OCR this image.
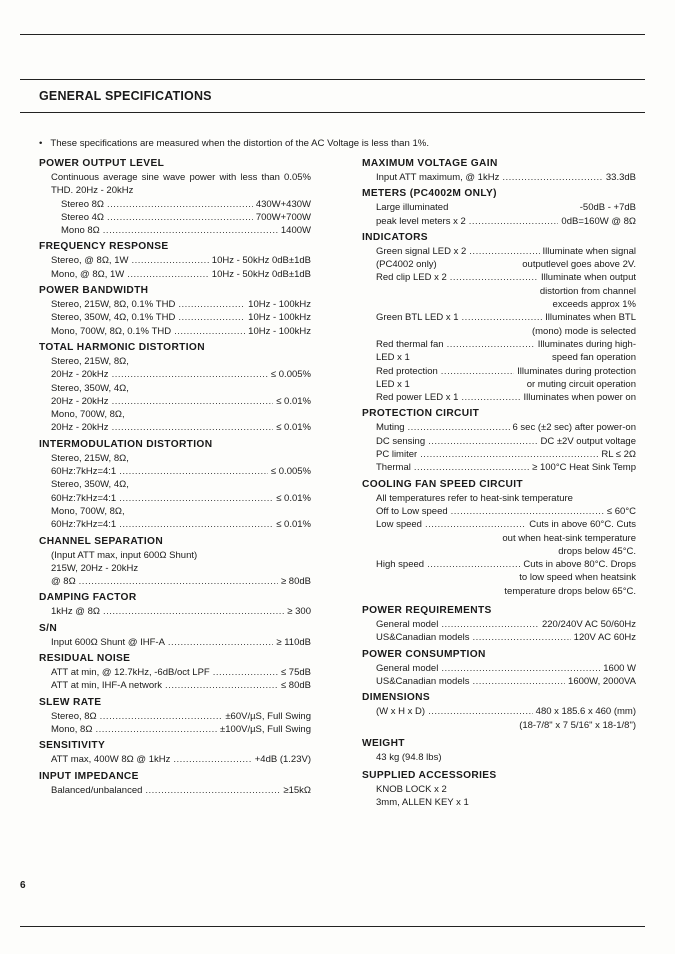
GENERAL SPECIFICATIONS
• These specifications are measured when the distortion of the AC Voltage is less than 1%.
POWER OUTPUT LEVEL
Continuous average sine wave power with less than 0.05% THD. 20Hz - 20kHz
Stereo 8Ω .....	430W+430W
Stereo 4Ω .....	700W+700W
Mono 8Ω .....	1400W
FREQUENCY RESPONSE
Stereo, @ 8Ω, 1W .....	10Hz - 50kHz 0dB±1dB
Mono, @ 8Ω, 1W .....	10Hz - 50kHz 0dB±1dB
POWER BANDWIDTH
Stereo, 215W, 8Ω, 0.1% THD .....	10Hz - 100kHz
Stereo, 350W, 4Ω, 0.1% THD .....	10Hz - 100kHz
Mono, 700W, 8Ω, 0.1% THD .....	10Hz - 100kHz
TOTAL HARMONIC DISTORTION
Stereo, 215W, 8Ω,
20Hz - 20kHz .....	≤ 0.005%
Stereo, 350W, 4Ω,
20Hz - 20kHz .....	≤ 0.01%
Mono, 700W, 8Ω,
20Hz - 20kHz .....	≤ 0.01%
INTERMODULATION DISTORTION
Stereo, 215W, 8Ω,
60Hz:7kHz=4:1 .....	≤ 0.005%
Stereo, 350W, 4Ω,
60Hz:7kHz=4:1 .....	≤ 0.01%
Mono, 700W, 8Ω,
60Hz:7kHz=4:1 .....	≤ 0.01%
CHANNEL SEPARATION
(Input ATT max, input 600Ω Shunt)
215W, 20Hz - 20kHz
@ 8Ω .....	≥ 80dB
DAMPING FACTOR
1kHz @ 8Ω .....	≥ 300
S/N
Input 600Ω Shunt @ IHF-A .....	≥ 110dB
RESIDUAL NOISE
ATT at min, @ 12.7kHz, -6dB/oct LPF .....	≤ 75dB
ATT at min, IHF-A network .....	≤ 80dB
SLEW RATE
Stereo, 8Ω .....	±60V/µS, Full Swing
Mono, 8Ω .....	±100V/µS, Full Swing
SENSITIVITY
ATT max, 400W 8Ω @ 1kHz .....	+4dB (1.23V)
INPUT IMPEDANCE
Balanced/unbalanced .....	≥15kΩ
MAXIMUM VOLTAGE GAIN
Input ATT maximum, @ 1kHz .....	33.3dB
METERS (PC4002M ONLY)
Large illuminated	-50dB - +7dB
peak level meters x 2 .....	0dB=160W @ 8Ω
INDICATORS
Green signal LED x 2 .....	Illuminate when signal
(PC4002 only)	outputlevel goes above 2V.
Red clip LED x 2 .....	Illuminate when output
distortion from channel
exceeds approx 1%
Green BTL LED x 1 .....	Illuminates when BTL
(mono) mode is selected
Red thermal fan .....	Illuminates during high-
LED x 1	speed fan operation
Red protection .....	Illuminates during protection
LED x 1	or muting circuit operation
Red power LED x 1 .....	Illuminates when power on
PROTECTION CIRCUIT
Muting .....	6 sec (±2 sec) after power-on
DC sensing .....	DC ±2V output voltage
PC limiter .....	RL ≤ 2Ω
Thermal .....	≥ 100°C Heat Sink Temp
COOLING FAN SPEED CIRCUIT
All temperatures refer to heat-sink temperature
Off to Low speed .....	≤ 60°C
Low speed .....	Cuts in above 60°C. Cuts
out when heat-sink temperature
drops below 45°C.
High speed .....	Cuts in above 80°C. Drops
to low speed when heatsink
temperature drops below 65°C.
POWER REQUIREMENTS
General model .....	220/240V AC 50/60Hz
US&Canadian models .....	120V AC 60Hz
POWER CONSUMPTION
General model .....	1600 W
US&Canadian models .....	1600W, 2000VA
DIMENSIONS
(W x H x D) .....	480 x 185.6 x 460 (mm)
(18-7/8" x 7 5/16" x 18-1/8")
WEIGHT
43 kg (94.8 lbs)
SUPPLIED ACCESSORIES
KNOB LOCK x 2
3mm, ALLEN KEY x 1
6
